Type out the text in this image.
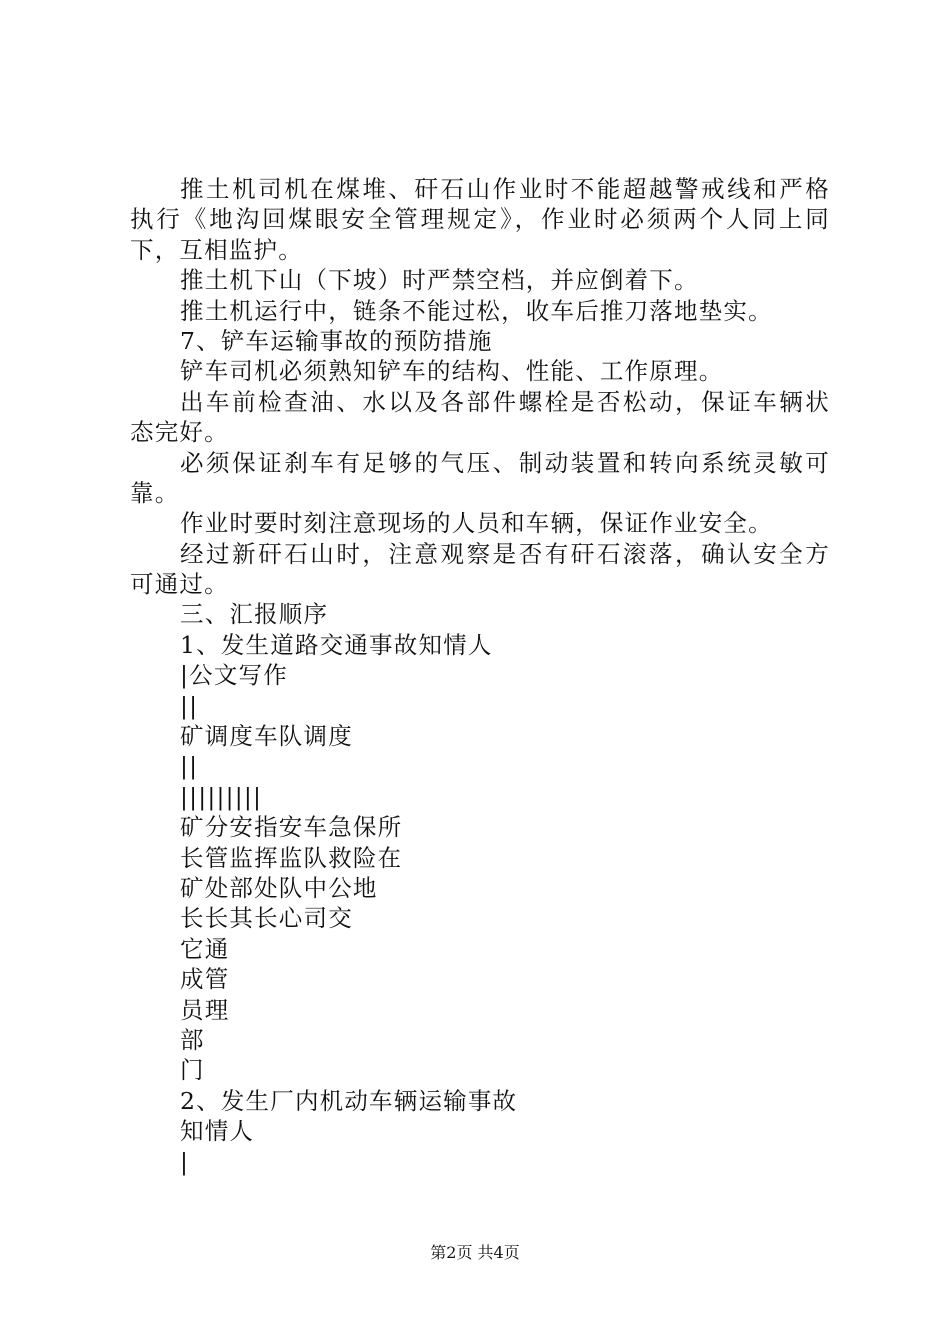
推土机司机在煤堆、矸石山作业时不能超越警戒线和严格
执行《地沟回煤眼安全管理规定》，作业时必须两个人同上同
下，互相监护。
推土机下山（下坡）时严禁空档，并应倒着下。
推土机运行中，链条不能过松，收车后推刀落地垫实。
7、铲车运输事故的预防措施
铲车司机必须熟知铲车的结构、性能、工作原理。
出车前检查油、水以及各部件螺栓是否松动，保证车辆状
态完好。
必须保证刹车有足够的气压、制动装置和转向系统灵敏可
靠。
作业时要时刻注意现场的人员和车辆，保证作业安全。
经过新矸石山时，注意观察是否有矸石滚落，确认安全方
可通过。
三、汇报顺序
1、发生道路交通事故知情人
|公文写作
||
矿调度车队调度
||
|||||||||
矿分安指安车急保所
长管监挥监队救险在
矿处部处队中公地
长长其长心司交
它通
成管
员理
部
门
2、发生厂内机动车辆运输事故
知情人
|
第2页 共4页
